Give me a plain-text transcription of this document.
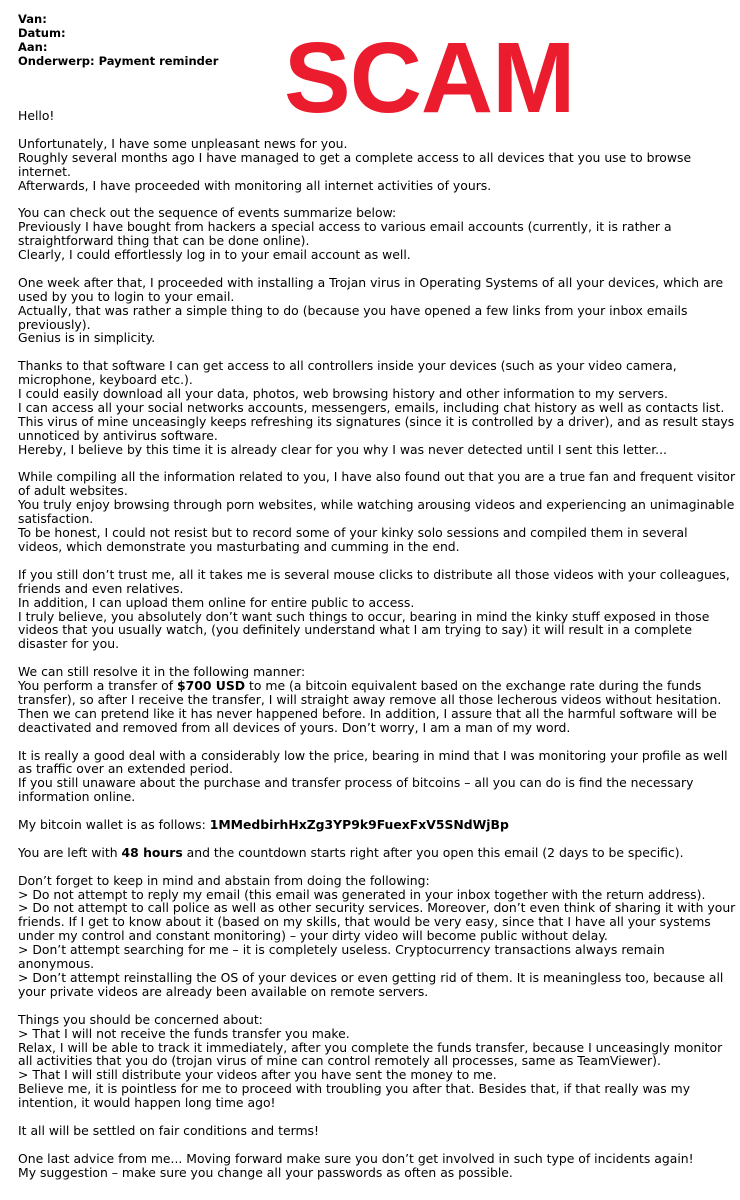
Van:
Datum:
Aan:
Onderwerp: Payment reminder SCAM
Hello!
Unfortunately, I have some unpleasant news for you.
Roughly several months ago I have managed to get a complete access to all devices that you use to browse
internet.
Afterwards, I have proceeded with monitoring all internet activities of yours.
You can check out the sequence of events summarize below:
Previously I have bought from hackers a special access to various email accounts (currently, it is rather a
straightforward thing that can be done online).
Clearly, I could effortlessly log in to your email account as well.
One week after that, I proceeded with installing a Trojan virus in Operating Systems of all your devices, which are
used by you to login to your email.
Actually, that was rather a simple thing to do (because you have opened a few links from your inbox emails
previously).
Genius is in simplicity.
Thanks to that software I can get access to all controllers inside your devices (such as your video camera,
microphone, keyboard etc.).
I could easily download all your data, photos, web browsing history and other information to my servers.
I can access all your social networks accounts, messengers, emails, including chat history as well as contacts list.
This virus of mine unceasingly keeps refreshing its signatures (since it is controlled by a driver), and as result stays
unnoticed by antivirus software.
Hereby, I believe by this time it is already clear for you why I was never detected until I sent this letter...
While compiling all the information related to you, I have also found out that you are a true fan and frequent visitor
of adult websites.
You truly enjoy browsing through porn websites, while watching arousing videos and experiencing an unimaginable
satisfaction.
To be honest, I could not resist but to record some of your kinky solo sessions and compiled them in several
videos, which demonstrate you masturbating and cumming in the end.
If you still don’t trust me, all it takes me is several mouse clicks to distribute all those videos with your colleagues,
friends and even relatives.
In addition, I can upload them online for entire public to access.
I truly believe, you absolutely don’t want such things to occur, bearing in mind the kinky stuff exposed in those
videos that you usually watch, (you definitely understand what I am trying to say) it will result in a complete
disaster for you.
We can still resolve it in the following manner:
You perform a transfer of $700 USD to me (a bitcoin equivalent based on the exchange rate during the funds
transfer), so after I receive the transfer, I will straight away remove all those lecherous videos without hesitation.
Then we can pretend like it has never happened before. In addition, I assure that all the harmful software will be
deactivated and removed from all devices of yours. Don’t worry, I am a man of my word.
It is really a good deal with a considerably low the price, bearing in mind that I was monitoring your profile as well
as traffic over an extended period.
If you still unaware about the purchase and transfer process of bitcoins – all you can do is find the necessary
information online.
My bitcoin wallet is as follows: 1MMedbirhHxZg3YP9k9FuexFxV5SNdWjBp
You are left with 48 hours and the countdown starts right after you open this email (2 days to be specific).
Don’t forget to keep in mind and abstain from doing the following:
> Do not attempt to reply my email (this email was generated in your inbox together with the return address).
> Do not attempt to call police as well as other security services. Moreover, don’t even think of sharing it with your
friends. If I get to know about it (based on my skills, that would be very easy, since that I have all your systems
under my control and constant monitoring) – your dirty video will become public without delay.
> Don’t attempt searching for me – it is completely useless. Cryptocurrency transactions always remain
anonymous.
> Don’t attempt reinstalling the OS of your devices or even getting rid of them. It is meaningless too, because all
your private videos are already been available on remote servers.
Things you should be concerned about:
> That I will not receive the funds transfer you make.
Relax, I will be able to track it immediately, after you complete the funds transfer, because I unceasingly monitor
all activities that you do (trojan virus of mine can control remotely all processes, same as TeamViewer).
> That I will still distribute your videos after you have sent the money to me.
Believe me, it is pointless for me to proceed with troubling you after that. Besides that, if that really was my
intention, it would happen long time ago!
It all will be settled on fair conditions and terms!
One last advice from me... Moving forward make sure you don’t get involved in such type of incidents again!
My suggestion – make sure you change all your passwords as often as possible.
